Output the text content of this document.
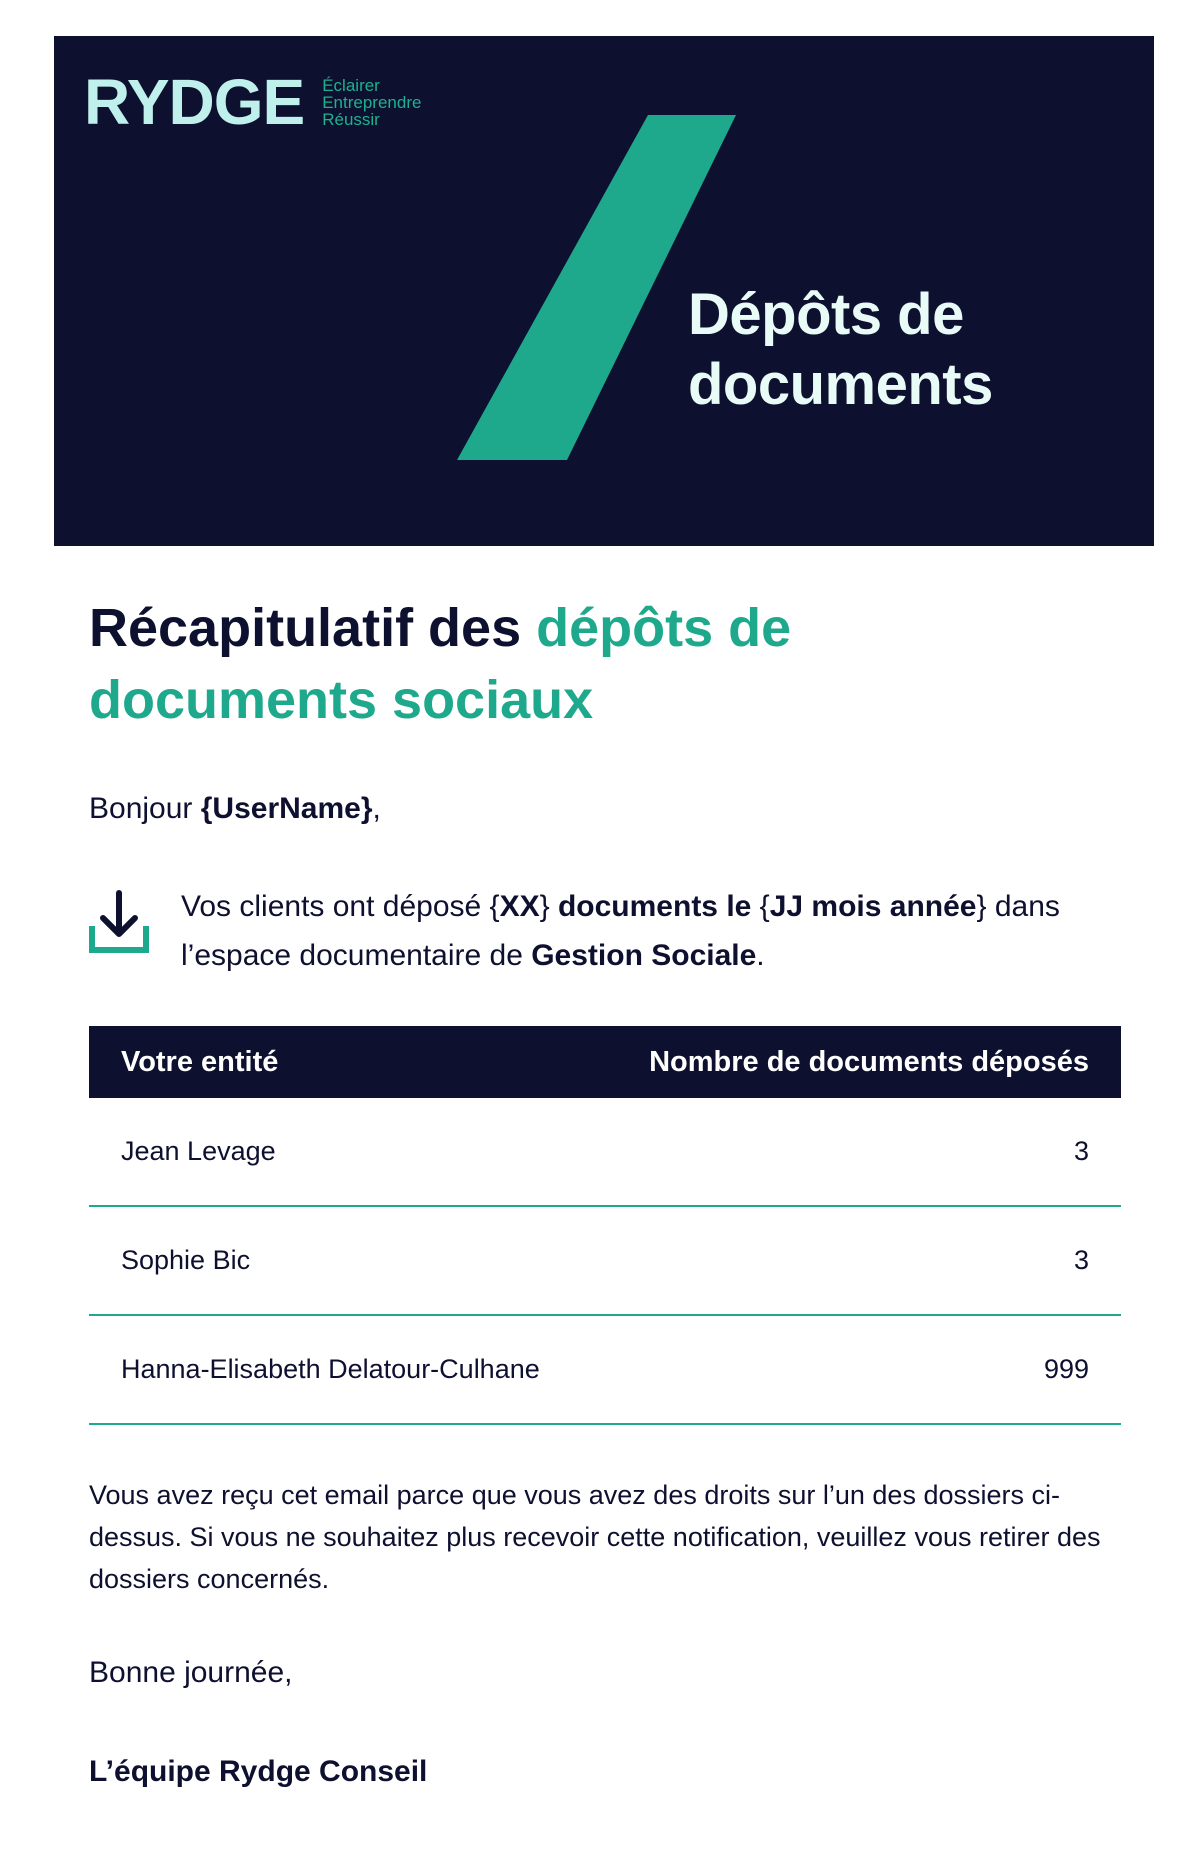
RYDGE Éclairer
Entreprendre
Réussir
Dépôts de
documents
Récapitulatif des dépôts de documents sociaux

Bonjour {UserName},

Vos clients ont déposé {XX} documents le {JJ mois année} dans l’espace documentaire de Gestion Sociale.

Votre entité	Nombre de documents déposés
Jean Levage	3
Sophie Bic	3
Hanna-Elisabeth Delatour-Culhane	999

Vous avez reçu cet email parce que vous avez des droits sur l’un des dossiers ci-dessus. Si vous ne souhaitez plus recevoir cette notification, veuillez vous retirer des dossiers concernés.

Bonne journée,

L’équipe Rydge Conseil
